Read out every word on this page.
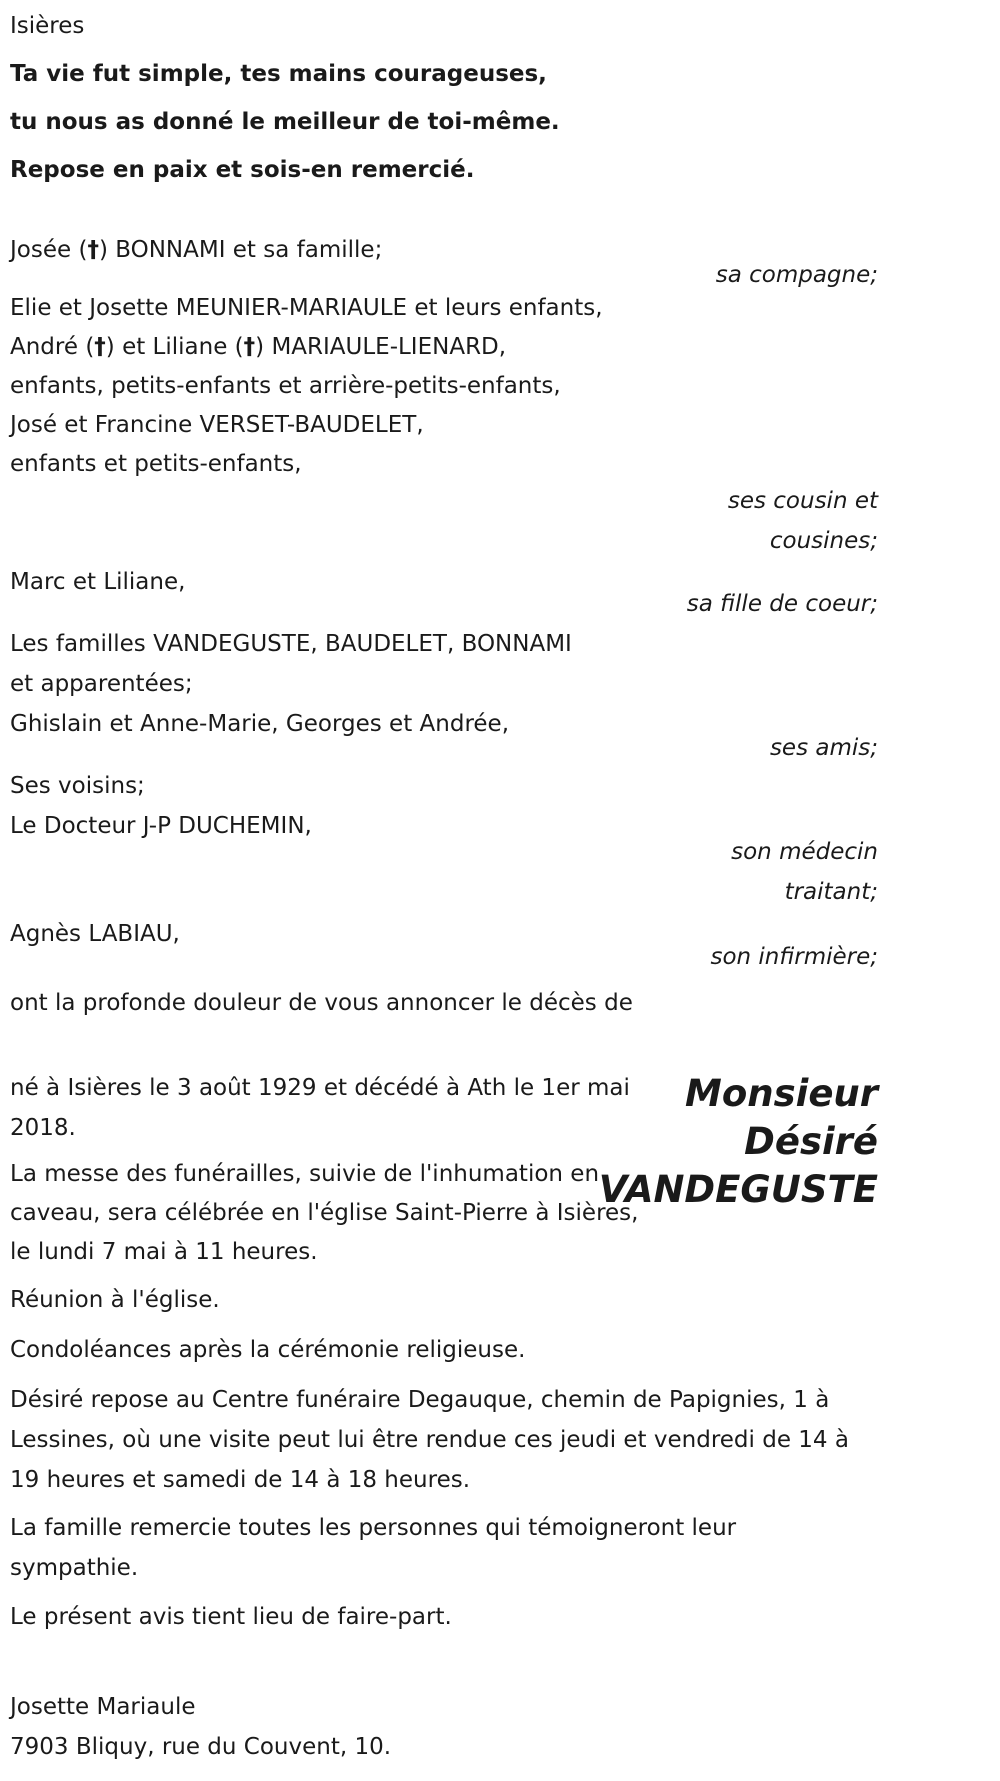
Isières

Ta vie fut simple, tes mains courageuses,

tu nous as donné le meilleur de toi-même.

Repose en paix et sois-en remercié.

Josée (†) BONNAMI et sa famille;

sa compagne;

Elie et Josette MEUNIER-MARIAULE et leurs enfants,

André (†) et Liliane (†) MARIAULE-LIENARD,

enfants, petits-enfants et arrière-petits-enfants,

José et Francine VERSET-BAUDELET,

enfants et petits-enfants,

ses cousin et

cousines;

Marc et Liliane,

sa fille de coeur;

Les familles VANDEGUSTE, BAUDELET, BONNAMI

et apparentées;

Ghislain et Anne-Marie, Georges et Andrée,

ses amis;

Ses voisins;

Le Docteur J-P DUCHEMIN,

son médecin

traitant;

Agnès LABIAU,

son infirmière;

ont la profonde douleur de vous annoncer le décès de

Monsieur
Désiré
VANDEGUSTE

né à Isières le 3 août 1929 et décédé à Ath le 1er mai

2018.

La messe des funérailles, suivie de l'inhumation en

caveau, sera célébrée en l'église Saint-Pierre à Isières,

le lundi 7 mai à 11 heures.

Réunion à l'église.

Condoléances après la cérémonie religieuse.

Désiré repose au Centre funéraire Degauque, chemin de Papignies, 1 à

Lessines, où une visite peut lui être rendue ces jeudi et vendredi de 14 à

19 heures et samedi de 14 à 18 heures.

La famille remercie toutes les personnes qui témoigneront leur

sympathie.

Le présent avis tient lieu de faire-part.

Josette Mariaule

7903 Bliquy, rue du Couvent, 10.
